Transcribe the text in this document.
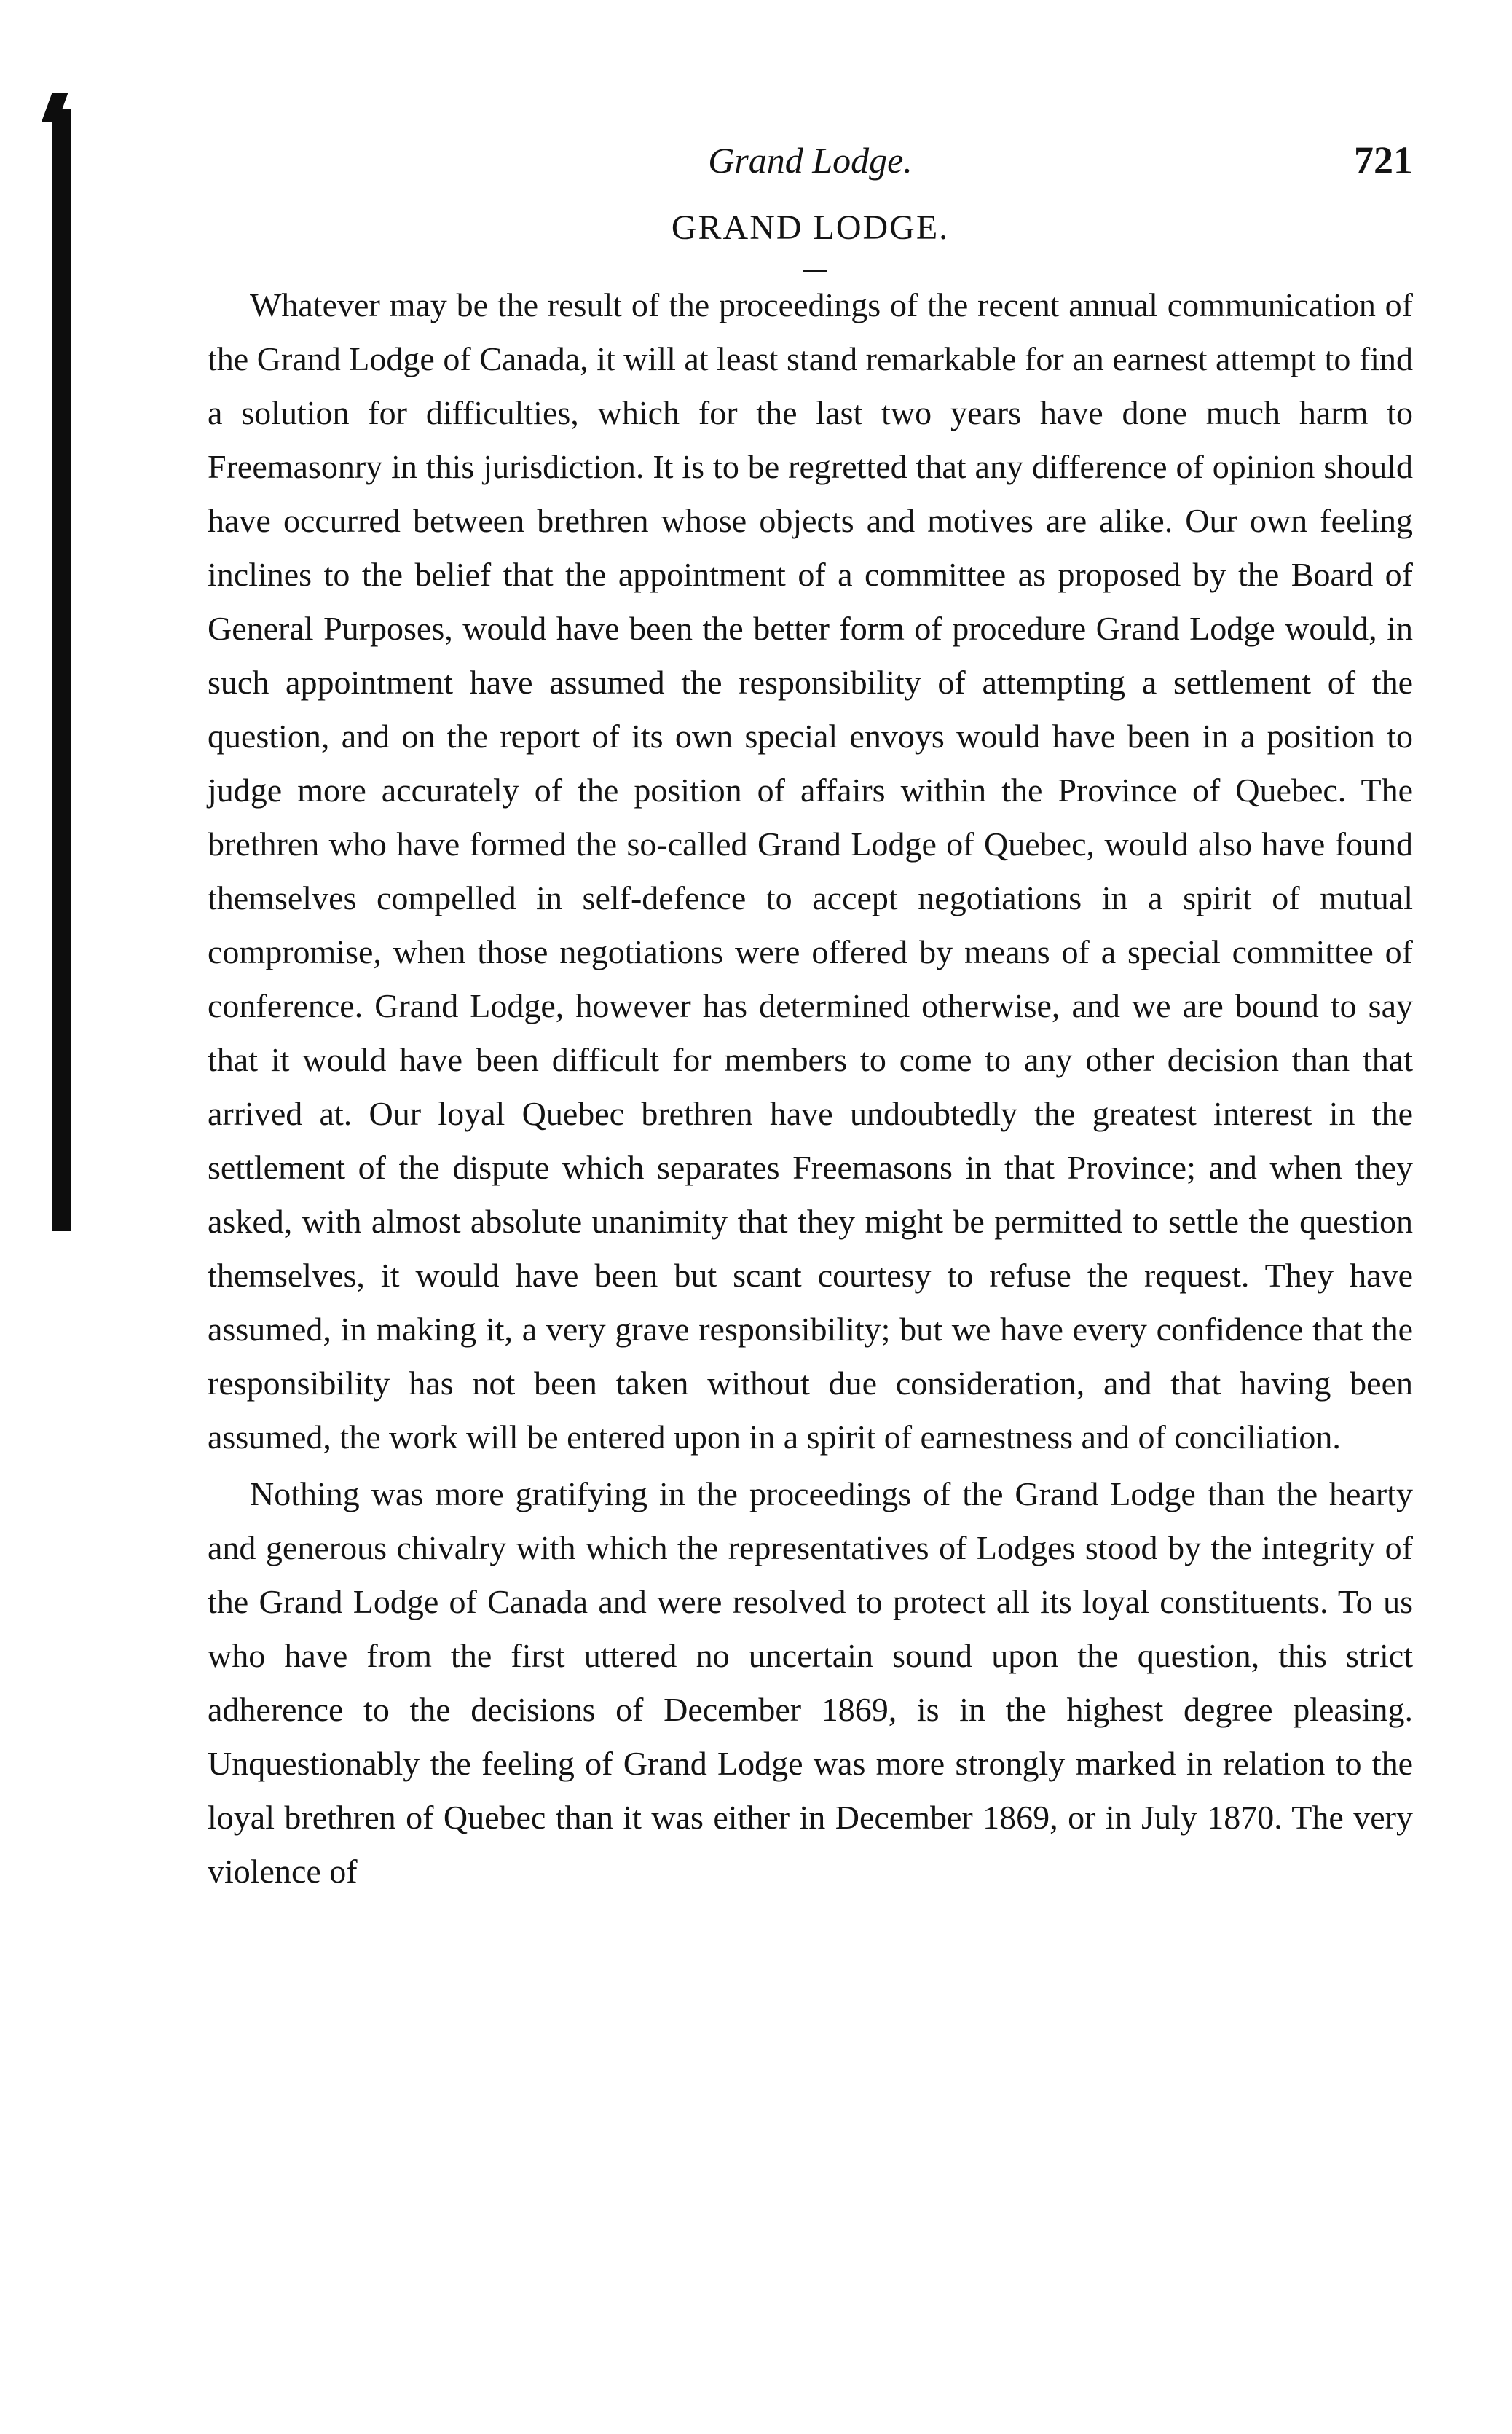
Grand Lodge.	721
GRAND LODGE.

Whatever may be the result of the proceedings of the recent annual communication of the Grand Lodge of Canada, it will at least stand remarkable for an earnest attempt to find a solution for difficulties, which for the last two years have done much harm to Freemasonry in this jurisdiction. It is to be regretted that any difference of opinion should have occurred between brethren whose objects and motives are alike. Our own feeling inclines to the belief that the appointment of a committee as proposed by the Board of General Purposes, would have been the better form of procedure Grand Lodge would, in such appointment have assumed the responsibility of attempting a settlement of the question, and on the report of its own special envoys would have been in a position to judge more accurately of the position of affairs within the Province of Quebec. The brethren who have formed the so-called Grand Lodge of Quebec, would also have found themselves compelled in self-defence to accept negotiations in a spirit of mutual compromise, when those negotiations were offered by means of a special committee of conference. Grand Lodge, however has determined otherwise, and we are bound to say that it would have been difficult for members to come to any other decision than that arrived at. Our loyal Quebec brethren have undoubtedly the greatest interest in the settlement of the dispute which separates Freemasons in that Province; and when they asked, with almost absolute unanimity that they might be permitted to settle the question themselves, it would have been but scant courtesy to refuse the request. They have assumed, in making it, a very grave responsibility; but we have every confidence that the responsibility has not been taken without due consideration, and that having been assumed, the work will be entered upon in a spirit of earnestness and of conciliation.

Nothing was more gratifying in the proceedings of the Grand Lodge than the hearty and generous chivalry with which the representatives of Lodges stood by the integrity of the Grand Lodge of Canada and were resolved to protect all its loyal constituents. To us who have from the first uttered no uncertain sound upon the question, this strict adherence to the decisions of December 1869, is in the highest degree pleasing. Unquestionably the feeling of Grand Lodge was more strongly marked in relation to the loyal brethren of Quebec than it was either in December 1869, or in July 1870. The very violence of
